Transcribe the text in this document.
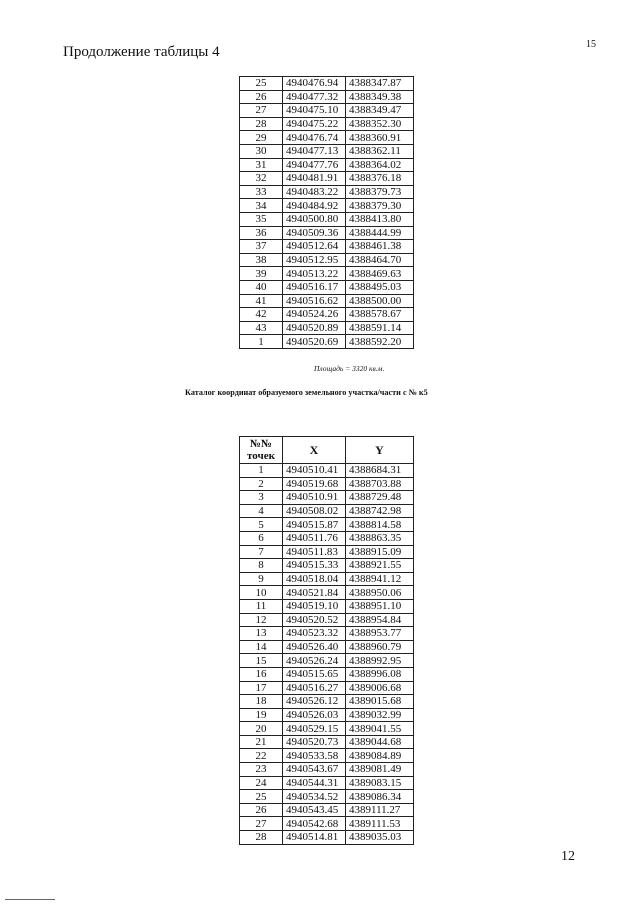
Продолжение таблицы 4	15
25	4940476.94	4388347.87
26	4940477.32	4388349.38
27	4940475.10	4388349.47
28	4940475.22	4388352.30
29	4940476.74	4388360.91
30	4940477.13	4388362.11
31	4940477.76	4388364.02
32	4940481.91	4388376.18
33	4940483.22	4388379.73
34	4940484.92	4388379.30
35	4940500.80	4388413.80
36	4940509.36	4388444.99
37	4940512.64	4388461.38
38	4940512.95	4388464.70
39	4940513.22	4388469.63
40	4940516.17	4388495.03
41	4940516.62	4388500.00
42	4940524.26	4388578.67
43	4940520.89	4388591.14
1	4940520.69	4388592.20
Площадь = 3320 кв.м.
Каталог координат образуемого земельного участка/части с № к5
№№ точек	X	Y
1	4940510.41	4388684.31
2	4940519.68	4388703.88
3	4940510.91	4388729.48
4	4940508.02	4388742.98
5	4940515.87	4388814.58
6	4940511.76	4388863.35
7	4940511.83	4388915.09
8	4940515.33	4388921.55
9	4940518.04	4388941.12
10	4940521.84	4388950.06
11	4940519.10	4388951.10
12	4940520.52	4388954.84
13	4940523.32	4388953.77
14	4940526.40	4388960.79
15	4940526.24	4388992.95
16	4940515.65	4388996.08
17	4940516.27	4389006.68
18	4940526.12	4389015.68
19	4940526.03	4389032.99
20	4940529.15	4389041.55
21	4940520.73	4389044.68
22	4940533.58	4389084.89
23	4940543.67	4389081.49
24	4940544.31	4389083.15
25	4940534.52	4389086.34
26	4940543.45	4389111.27
27	4940542.68	4389111.53
28	4940514.81	4389035.03
12
